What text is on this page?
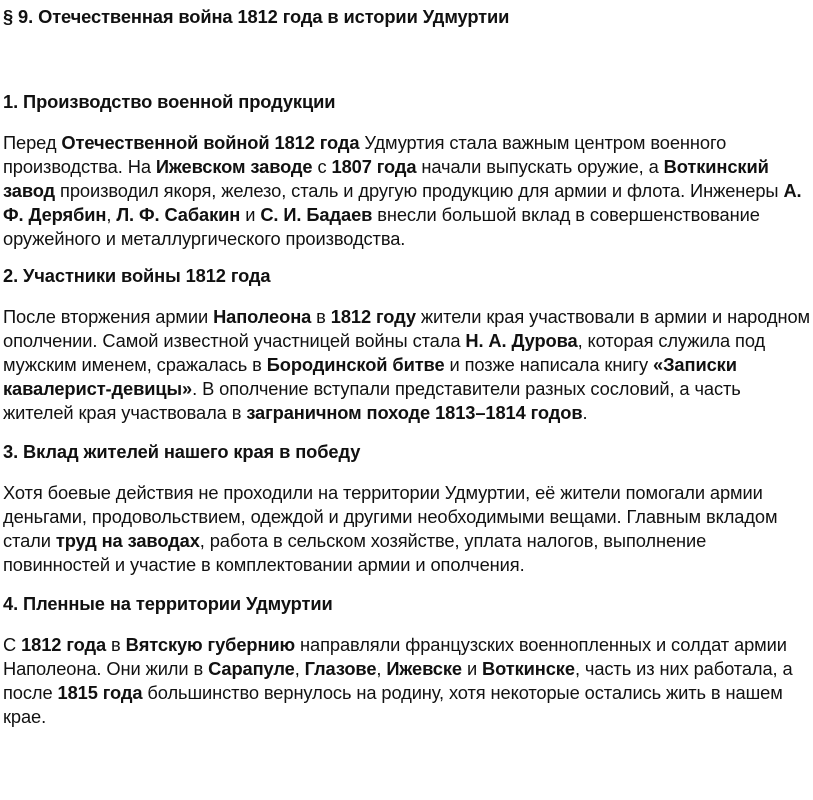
§ 9. Отечественная война 1812 года в истории Удмуртии
1. Производство военной продукции

Перед Отечественной войной 1812 года Удмуртия стала важным центром военного производства. На Ижевском заводе с 1807 года начали выпускать оружие, а Воткинский завод производил якоря, железо, сталь и другую продукцию для армии и флота. Инженеры А. Ф. Дерябин, Л. Ф. Сабакин и С. И. Бадаев внесли большой вклад в совершенствование оружейного и металлургического производства.

2. Участники войны 1812 года

После вторжения армии Наполеона в 1812 году жители края участвовали в армии и народном ополчении. Самой известной участницей войны стала Н. А. Дурова, которая служила под мужским именем, сражалась в Бородинской битве и позже написала книгу «Записки кавалерист-девицы». В ополчение вступали представители разных сословий, а часть жителей края участвовала в заграничном походе 1813–1814 годов.

3. Вклад жителей нашего края в победу

Хотя боевые действия не проходили на территории Удмуртии, её жители помогали армии деньгами, продовольствием, одеждой и другими необходимыми вещами. Главным вкладом стали труд на заводах, работа в сельском хозяйстве, уплата налогов, выполнение повинностей и участие в комплектовании армии и ополчения.

4. Пленные на территории Удмуртии

С 1812 года в Вятскую губернию направляли французских военнопленных и солдат армии Наполеона. Они жили в Сарапуле, Глазове, Ижевске и Воткинске, часть из них работала, а после 1815 года большинство вернулось на родину, хотя некоторые остались жить в нашем крае.
